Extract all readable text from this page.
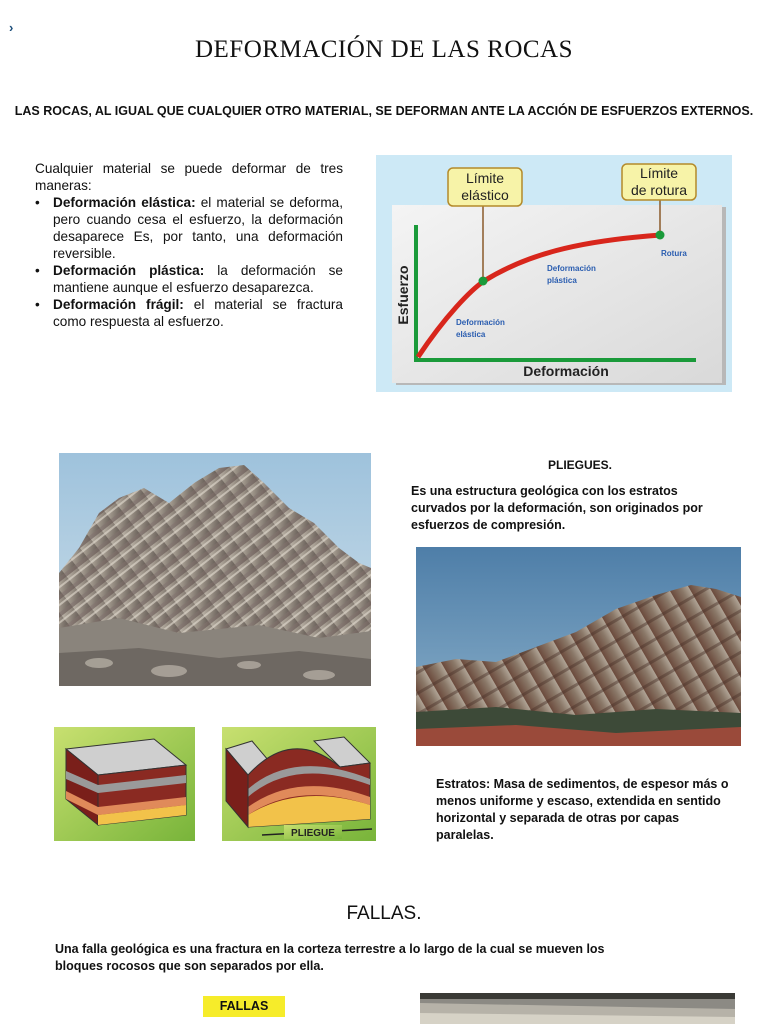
›
DEFORMACIÓN DE LAS ROCAS
LAS ROCAS, AL IGUAL QUE CUALQUIER OTRO MATERIAL, SE DEFORMAN ANTE LA ACCIÓN DE ESFUERZOS EXTERNOS.

Cualquier material se puede deformar de tres maneras:

• Deformación elástica: el material se deforma, pero cuando cesa el esfuerzo, la deformación desaparece Es, por tanto, una deformación reversible.
• Deformación plástica: la deformación se mantiene aunque el esfuerzo desaparezca.
• Deformación frágil: el material se fractura como respuesta al esfuerzo.
Límite
elástico
Límite
de rotura
Esfuerzo
Deformación
Deformación
elástica
Deformación
plástica
Rotura
PLIEGUES.
Es una estructura geológica con los estratos curvados por la deformación, son originados por esfuerzos de compresión.
PLIEGUE
Estratos: Masa de sedimentos, de espesor más o menos uniforme y escaso, extendida en sentido horizontal y separada de otras por capas paralelas.
FALLAS.
Una falla geológica es una fractura en la corteza terrestre a lo largo de la cual se mueven los bloques rocosos que son separados por ella.
FALLAS
